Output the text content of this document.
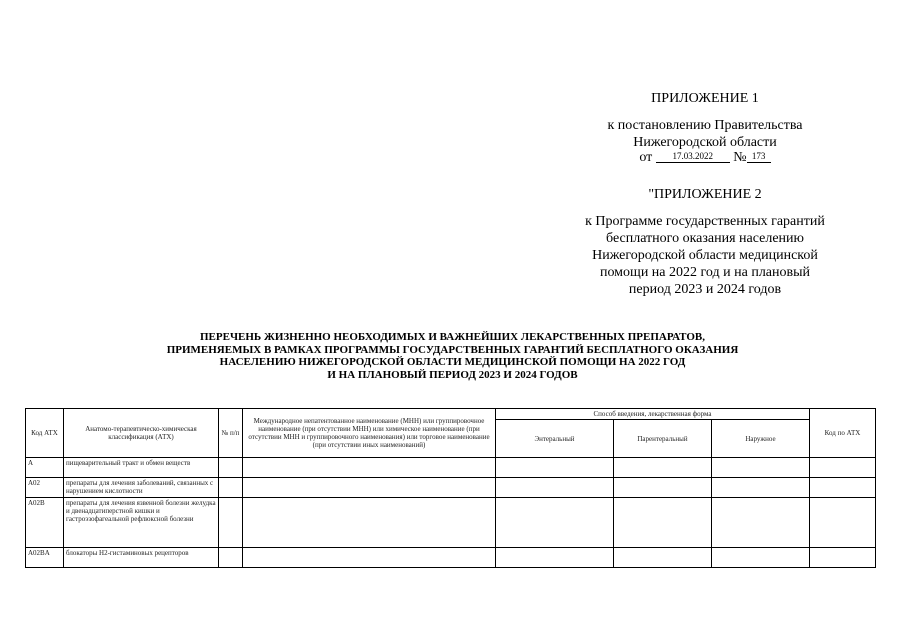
ПРИЛОЖЕНИЕ 1
к постановлению Правительства
Нижегородской области
от 17.03.2022 № 173
"ПРИЛОЖЕНИЕ 2
к Программе государственных гарантий
бесплатного оказания населению
Нижегородской области медицинской
помощи на 2022 год и на плановый
период 2023 и 2024 годов
ПЕРЕЧЕНЬ ЖИЗНЕННО НЕОБХОДИМЫХ И ВАЖНЕЙШИХ ЛЕКАРСТВЕННЫХ ПРЕПАРАТОВ,
ПРИМЕНЯЕМЫХ В РАМКАХ ПРОГРАММЫ ГОСУДАРСТВЕННЫХ ГАРАНТИЙ БЕСПЛАТНОГО ОКАЗАНИЯ
НАСЕЛЕНИЮ НИЖЕГОРОДСКОЙ ОБЛАСТИ МЕДИЦИНСКОЙ ПОМОЩИ НА 2022 ГОД
И НА ПЛАНОВЫЙ ПЕРИОД 2023 И 2024 ГОДОВ
Код АТХ	Анатомо-терапевтическо-химическая классификация (АТХ)	№ п/п	Международное непатентованное наименование (МНН) или группировочное наименование (при отсутствии МНН) или химическое наименование (при отсутствии МНН и группировочного наименования) или торговое наименование (при отсутствии иных наименований)	Способ введения, лекарственная форма			Код по АТХ
				Энтеральный	Парентеральный	Наружное	
A	пищеварительный тракт и обмен веществ						
A02	препараты для лечения заболеваний, связанных с нарушением кислотности						
A02B	препараты для лечения язвенной болезни желудка и двенадцатиперстной кишки и гастроэзофагеальной рефлюксной болезни						
A02BA	блокаторы H2-гистаминовых рецепторов						
